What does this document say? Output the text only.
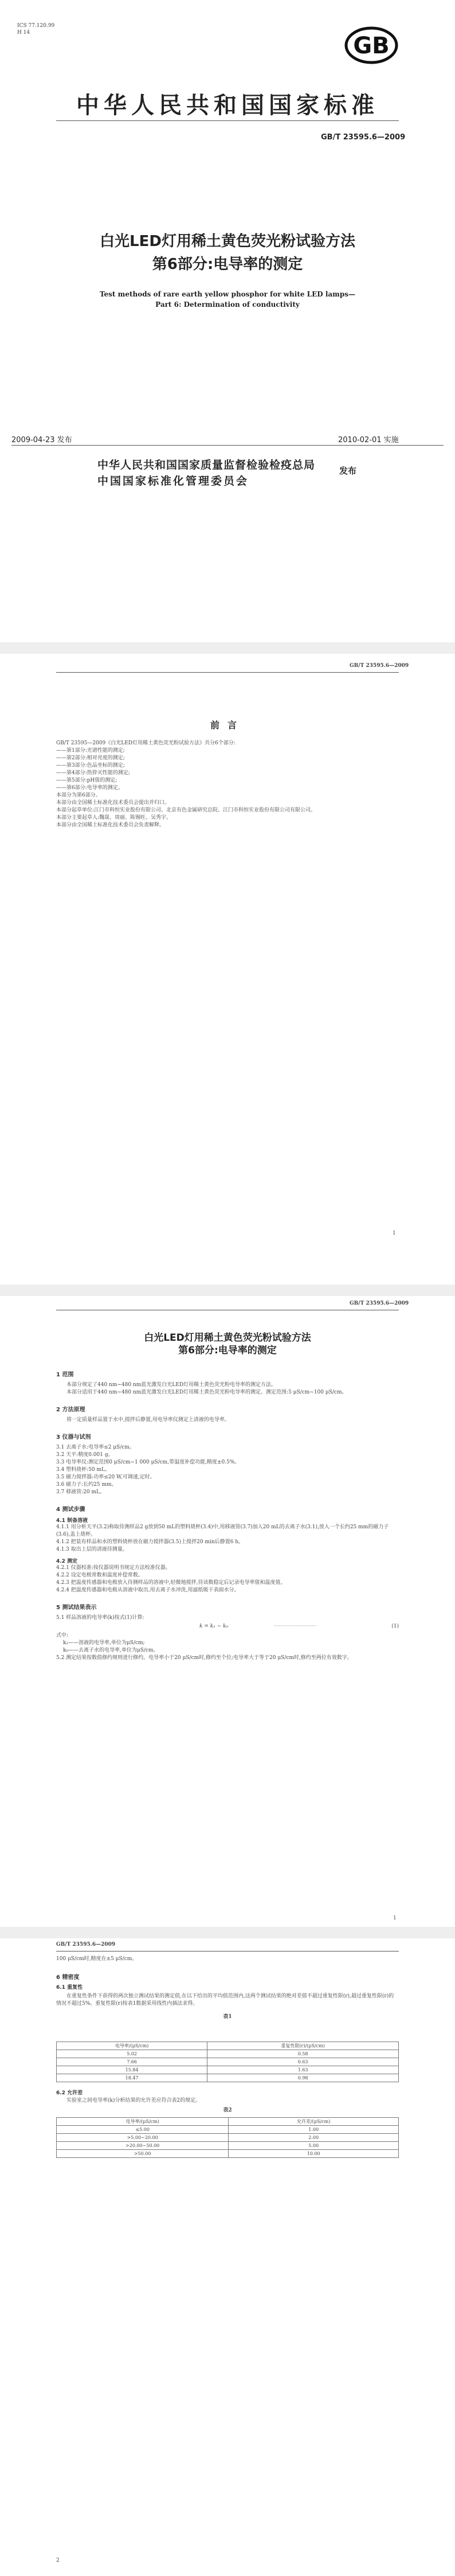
ICS 77.120.99
H 14	GB
中华人民共和国国家标准
GB/T 23595.6—2009
白光LED灯用稀土黄色荧光粉试验方法
第6部分:电导率的测定
Test methods of rare earth yellow phosphor for white LED lamps—
Part 6: Determination of conductivity
2009-04-23 发布	2010-02-01 实施
中华人民共和国国家质量监督检验检疫总局
中国国家标准化管理委员会
发布
GB/T 23595.6—2009
前言
GB/T 23595—2009《白光LED灯用稀土黄色荧光粉试验方法》共分6个部分:
——第1部分:光谱性能的测定;
——第2部分:相对亮度的测定;
——第3部分:色品坐标的测定;
——第4部分:热猝灭性能的测定;
——第5部分:pH值的测定;
——第6部分:电导率的测定。
本部分为第6部分。
本部分由全国稀土标准化技术委员会提出并归口。
本部分起草单位:江门市科恒实业股份有限公司、北京有色金属研究总院、江门市科恒实业股份有限公司有限公司。
本部分主要起草人:魏晟、周丽、陈锡旺、吴秀宇。
本部分由全国稀土标准化技术委员会负责解释。
I
GB/T 23595.6—2009
白光LED灯用稀土黄色荧光粉试验方法
第6部分:电导率的测定
1 范围
本部分规定了440 nm~480 nm蓝光激发白光LED灯用稀土黄色荧光粉电导率的测定方法。
本部分适用于440 nm~480 nm蓝光激发白光LED灯用稀土黄色荧光粉电导率的测定。测定范围:5 μS/cm~100 μS/cm。
2 方法原理
将一定质量样品置于水中,搅拌后静置,用电导率仪测定上清液的电导率。
3 仪器与试剂
3.1 去离子水:电导率≤2 μS/cm。
3.2 天平:精度0.001 g。
3.3 电导率仪:测定范围0 μS/cm~1 000 μS/cm,带温度补偿功能,精度±0.5%。
3.4 塑料烧杯:50 mL。
3.5 磁力搅拌器:功率≤20 W,可调速,定时。
3.6 磁力子:长约25 mm。
3.7 移液管:20 mL。
4 测试步骤
4.1 制备溶液
4.1.1 用分析天平(3.2)称取待测样品2 g放到50 mL的塑料烧杯(3.4)中,用移液管(3.7)加入20 mL的去离子水(3.1),放入一个长约25 mm的磁力子(3.6),盖上烧杯。
4.1.2 把装有样品和水的塑料烧杯放在磁力搅拌器(3.5)上搅拌20 min后静置6 h。
4.1.3 取出上层的清液待测量。
4.2 测定
4.2.1 仪器校准:按仪器说明书规定方法校准仪器。
4.2.2 设定电极常数和温度补偿常数。
4.2.3 把温度传感器和电极放入待测样品的溶液中,轻微地搅拌,待读数稳定后记录电导率值和温度值。
4.2.4 把温度传感器和电极从溶液中取出,用去离子水冲洗,用滤纸吸干表面水分。
5 测试结果表示
5.1 样品溶液的电导率(k)按式(1)计算:
k = k₁ − k₀	··························	(1)
式中:
k₁——溶液的电导率,单位为μS/cm;
k₀——去离子水的电导率,单位为μS/cm。
5.2 测定结果按数值修约规则进行修约。电导率小于20 μS/cm时,修约至个位;电导率大于等于20 μS/cm时,修约至两位有效数字。
1
GB/T 23595.6—2009
100 μS/cm时,精度在±5 μS/cm。
6 精密度
6.1 重复性
在重复性条件下获得的两次独立测试结果的测定值,在以下给出的平均值范围内,这两个测试结果的绝对差值不超过重复性限(r),超过重复性限(r)的情况不超过5%。重复性限(r)按表1数据采用线性内插法求得。
表1
电导率/(μS/cm)	重复性限(r)/(μS/cm)
5.02	0.58
7.66	0.63
15.84	1.63
18.47	0.98
6.2 允许差
实验室之间电导率(k)分析结果的允许差应符合表2的规定。
表2
电导率/(μS/cm)	允许差/(μS/cm)
≤5.00	1.00
>5.00~20.00	2.00
>20.00~50.00	5.00
>50.00	10.00
2
